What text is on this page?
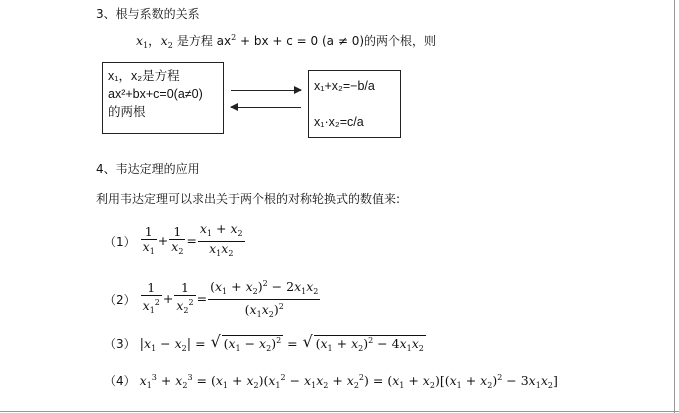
3、根与系数的关系
$x_1$，$x_2$ 是方程 $ax^2$ + bx + c = 0 (a ≠ 0)的两个根，则
x₁，x₂是方程
ax²+bx+c=0(a≠0)
的两根
x₁+x₂=−b/a
x₁·x₂=c/a
4、韦达定理的应用
利用韦达定理可以求出关于两个根的对称轮换式的数值来:
$(1) \frac{1}{x_1} + \frac{1}{x_2} = \frac{x_1 + x_2}{x_1x_2}$
$(2) \frac{1}{x_1^2} + \frac{1}{x_2^2} = \frac{(x_1 + x_2)^2 - 2x_1x_2}{(x_1x_2)^2}$
（3） $|x_1 - x_2|$ = √ $(x_1 - x_2)^2$ = √ $(x_1 + x_2)^2 - 4x_1x_2$
（4） $x_1^3 + x_2^3 = (x_1 + x_2)(x_1^2 - x_1x_2 + x_2^2) = (x_1 + x_2)[(x_1 + x_2)^2 - 3x_1x_2]$
